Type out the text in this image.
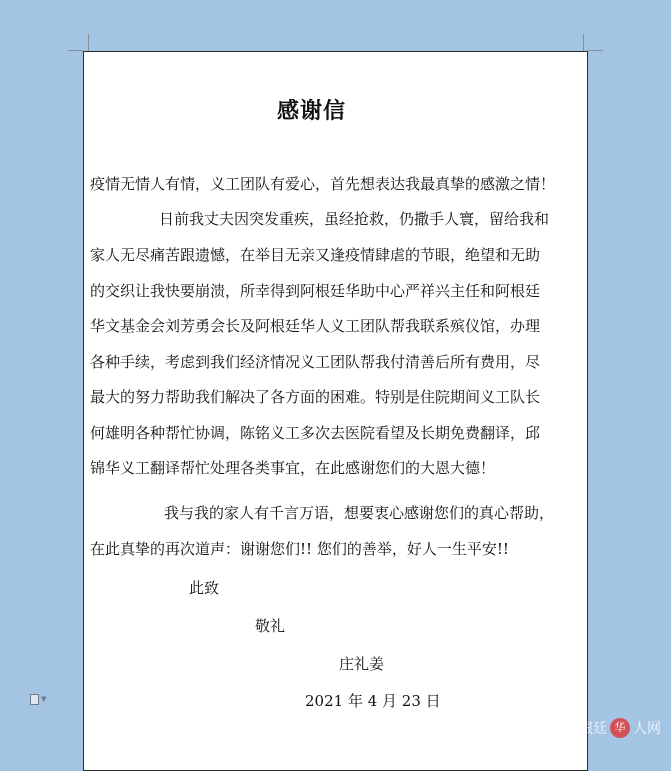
感谢信
疫情无情人有情，义工团队有爱心，首先想表达我最真挚的感激之情！
日前我丈夫因突发重疾，虽经抢救，仍撒手人寰，留给我和
家人无尽痛苦跟遗憾，在举目无亲又逢疫情肆虐的节眼，绝望和无助
的交织让我快要崩溃，所幸得到阿根廷华助中心严祥兴主任和阿根廷
华文基金会刘芳勇会长及阿根廷华人义工团队帮我联系殡仪馆，办理
各种手续，考虑到我们经济情况义工团队帮我付清善后所有费用，尽
最大的努力帮助我们解决了各方面的困难。特别是住院期间义工队长
何雄明各种帮忙协调，陈铭义工多次去医院看望及长期免费翻译，邱
锦华义工翻译帮忙处理各类事宜，在此感谢您们的大恩大德！
我与我的家人有千言万语，想要衷心感谢您们的真心帮助，
在此真挚的再次道声：谢谢您们!! 您们的善举，好人一生平安!!
此致
敬礼
庄礼姜
2021 年 4 月 23 日
▼
阿根廷 华 人网
